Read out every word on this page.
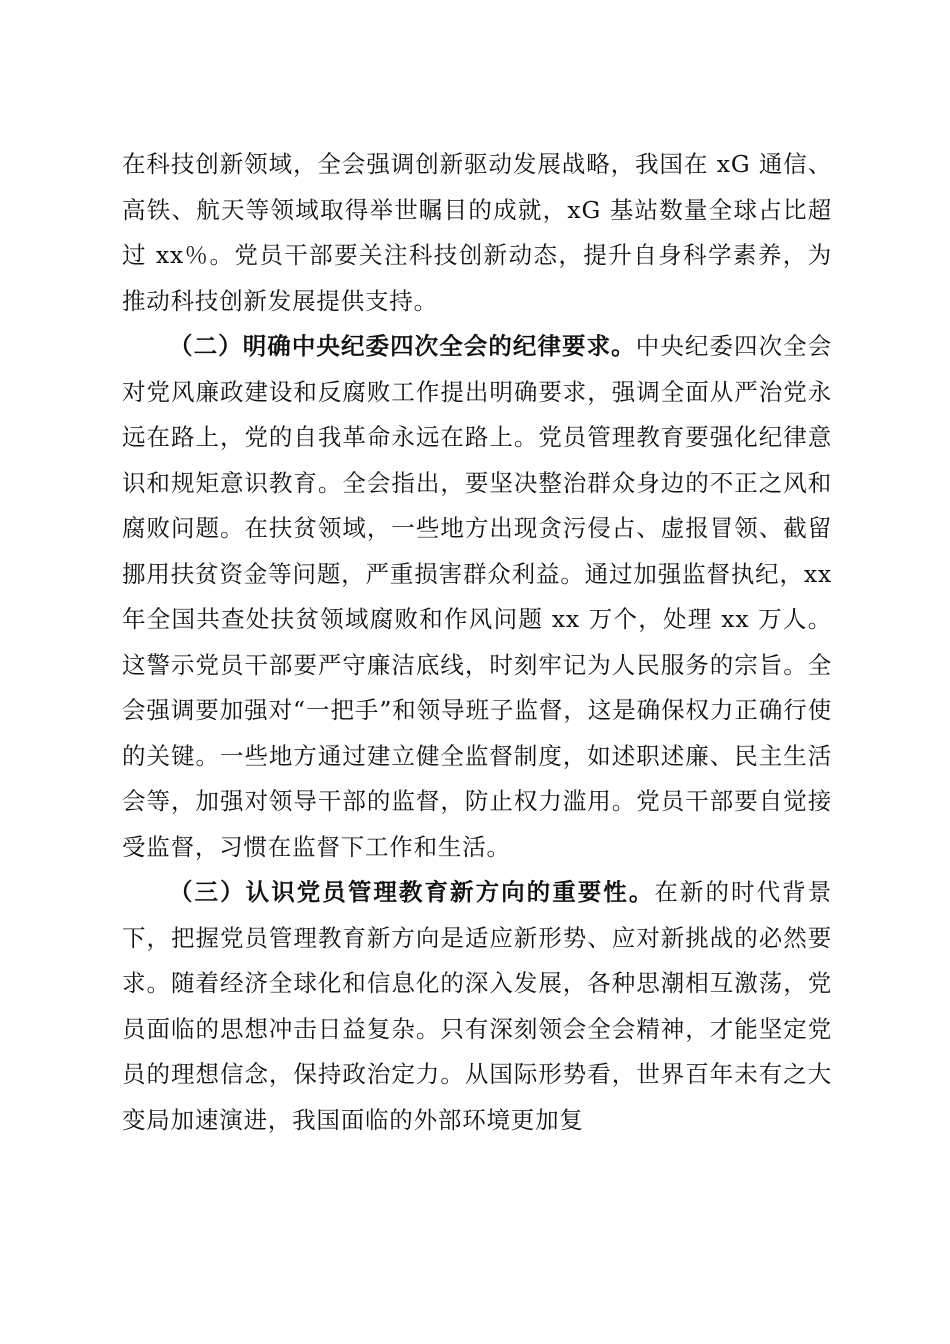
在科技创新领域，全会强调创新驱动发展战略，我国在 xG 通信、高铁、航天等领域取得举世瞩目的成就，xG 基站数量全球占比超过 xx％。党员干部要关注科技创新动态，提升自身科学素养，为推动科技创新发展提供支持。

（二）明确中央纪委四次全会的纪律要求。中央纪委四次全会对党风廉政建设和反腐败工作提出明确要求，强调全面从严治党永远在路上，党的自我革命永远在路上。党员管理教育要强化纪律意识和规矩意识教育。全会指出，要坚决整治群众身边的不正之风和腐败问题。在扶贫领域，一些地方出现贪污侵占、虚报冒领、截留挪用扶贫资金等问题，严重损害群众利益。通过加强监督执纪，xx 年全国共查处扶贫领域腐败和作风问题 xx 万个，处理 xx 万人。这警示党员干部要严守廉洁底线，时刻牢记为人民服务的宗旨。全会强调要加强对“一把手”和领导班子监督，这是确保权力正确行使的关键。一些地方通过建立健全监督制度，如述职述廉、民主生活会等，加强对领导干部的监督，防止权力滥用。党员干部要自觉接受监督，习惯在监督下工作和生活。

（三）认识党员管理教育新方向的重要性。在新的时代背景下，把握党员管理教育新方向是适应新形势、应对新挑战的必然要求。随着经济全球化和信息化的深入发展，各种思潮相互激荡，党员面临的思想冲击日益复杂。只有深刻领会全会精神，才能坚定党员的理想信念，保持政治定力。从国际形势看，世界百年未有之大变局加速演进，我国面临的外部环境更加复
